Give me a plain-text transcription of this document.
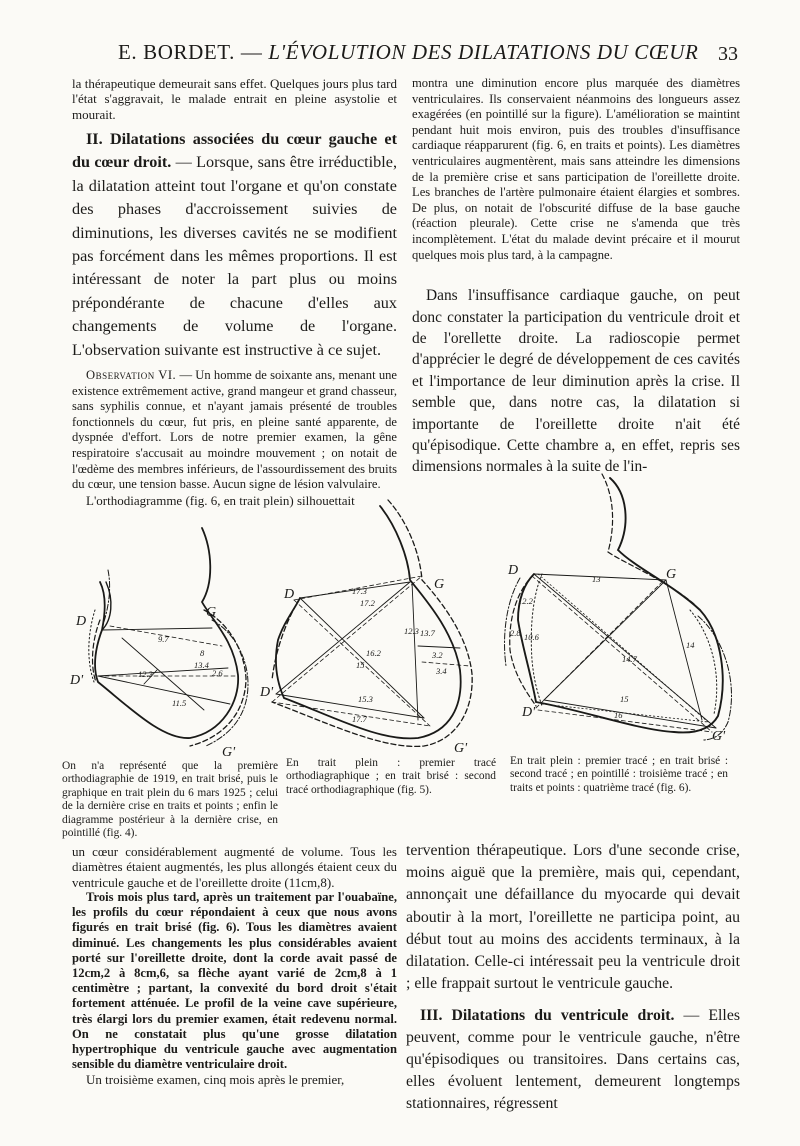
E. BORDET. — L'ÉVOLUTION DES DILATATIONS DU CŒUR 33

la thérapeutique demeurait sans effet. Quelques jours plus tard l'état s'aggravait, le malade entrait en pleine asystolie et mourait.

II. Dilatations associées du cœur gauche et du cœur droit. — Lorsque, sans être irréductible, la dilatation atteint tout l'organe et qu'on constate des phases d'accroissement suivies de diminutions, les diverses cavités ne se modifient pas forcément dans les mêmes proportions. Il est intéressant de noter la part plus ou moins prépondérante de chacune d'elles aux changements de volume de l'organe. L'observation suivante est instructive à ce sujet.

Observation VI. — Un homme de soixante ans, menant une existence extrêmement active, grand mangeur et grand chasseur, sans syphilis connue, et n'ayant jamais présenté de troubles fonctionnels du cœur, fut pris, en pleine santé apparente, de dyspnée d'effort. Lors de notre premier examen, la gêne respiratoire s'accusait au moindre mouvement ; on notait de l'œdème des membres inférieurs, de l'assourdissement des bruits du cœur, une tension basse. Aucun signe de lésion valvulaire.

L'orthodiagramme (fig. 6, en trait plein) silhouettait

montra une diminution encore plus marquée des diamètres ventriculaires. Ils conservaient néanmoins des longueurs assez exagérées (en pointillé sur la figure). L'amélioration se maintint pendant huit mois environ, puis des troubles d'insuffisance cardiaque réapparurent (fig. 6, en traits et points). Les diamètres ventriculaires augmentèrent, mais sans atteindre les dimensions de la première crise et sans participation de l'oreillette droite. Les branches de l'artère pulmonaire étaient élargies et sombres. De plus, on notait de l'obscurité diffuse de la base gauche (réaction pleurale). Cette crise ne s'amenda que très incomplètement. L'état du malade devint précaire et il mourut quelques mois plus tard, à la campagne.

Dans l'insuffisance cardiaque gauche, on peut donc constater la participation du ventricule droit et de l'orellette droite. La radioscopie permet d'apprécier le degré de développement de ces cavités et l'importance de leur diminution après la crise. Il semble que, dans notre cas, la dilatation si importante de l'oreillette droite n'ait été qu'épisodique. Cette chambre a, en effet, repris ses dimensions normales à la suite de l'in-

D
G
D'
G'
9.7
13.4
12.3
8
2.6
11.5
D
G
D'
G'
17.3
17.2
12.3 13.7
16.2
15
3.2
3.4
15.3
17.7
D	G
D'
G'
12.2
13
10.6
14
2.8
14.7
15
16
On n'a représenté que la première orthodiagraphie de 1919, en trait brisé, puis le graphique en trait plein du 6 mars 1925 ; celui de la dernière crise en traits et points ; enfin le diagramme postérieur à la dernière crise, en pointillé (fig. 4).
En trait plein : premier tracé orthodiagraphique ; en trait brisé : second tracé orthodiagraphique (fig. 5).
En trait plein : premier tracé ; en trait brisé : second tracé ; en pointillé : troisième tracé ; en traits et points : quatrième tracé (fig. 6).

un cœur considérablement augmenté de volume. Tous les diamètres étaient augmentés, les plus allongés étaient ceux du ventricule gauche et de l'oreillette droite (11cm,8).

Trois mois plus tard, après un traitement par l'ouabaïne, les profils du cœur répondaient à ceux que nous avons figurés en trait brisé (fig. 6). Tous les diamètres avaient diminué. Les changements les plus considérables avaient porté sur l'oreillette droite, dont la corde avait passé de 12cm,2 à 8cm,6, sa flèche ayant varié de 2cm,8 à 1 centimètre ; partant, la convexité du bord droit s'était fortement atténuée. Le profil de la veine cave supérieure, très élargi lors du premier examen, était redevenu normal. On ne constatait plus qu'une grosse dilatation hypertrophique du ventricule gauche avec augmentation sensible du diamètre ventriculaire droit.

Un troisième examen, cinq mois après le premier,

tervention thérapeutique. Lors d'une seconde crise, moins aiguë que la première, mais qui, cependant, annonçait une défaillance du myocarde qui devait aboutir à la mort, l'oreillette ne participa point, au début tout au moins des accidents terminaux, à la dilatation. Celle-ci intéressait peu la ventricule droit ; elle frappait surtout le ventricule gauche.

III. Dilatations du ventricule droit. — Elles peuvent, comme pour le ventricule gauche, n'être qu'épisodiques ou transitoires. Dans certains cas, elles évoluent lentement, demeurent longtemps stationnaires, régressent
